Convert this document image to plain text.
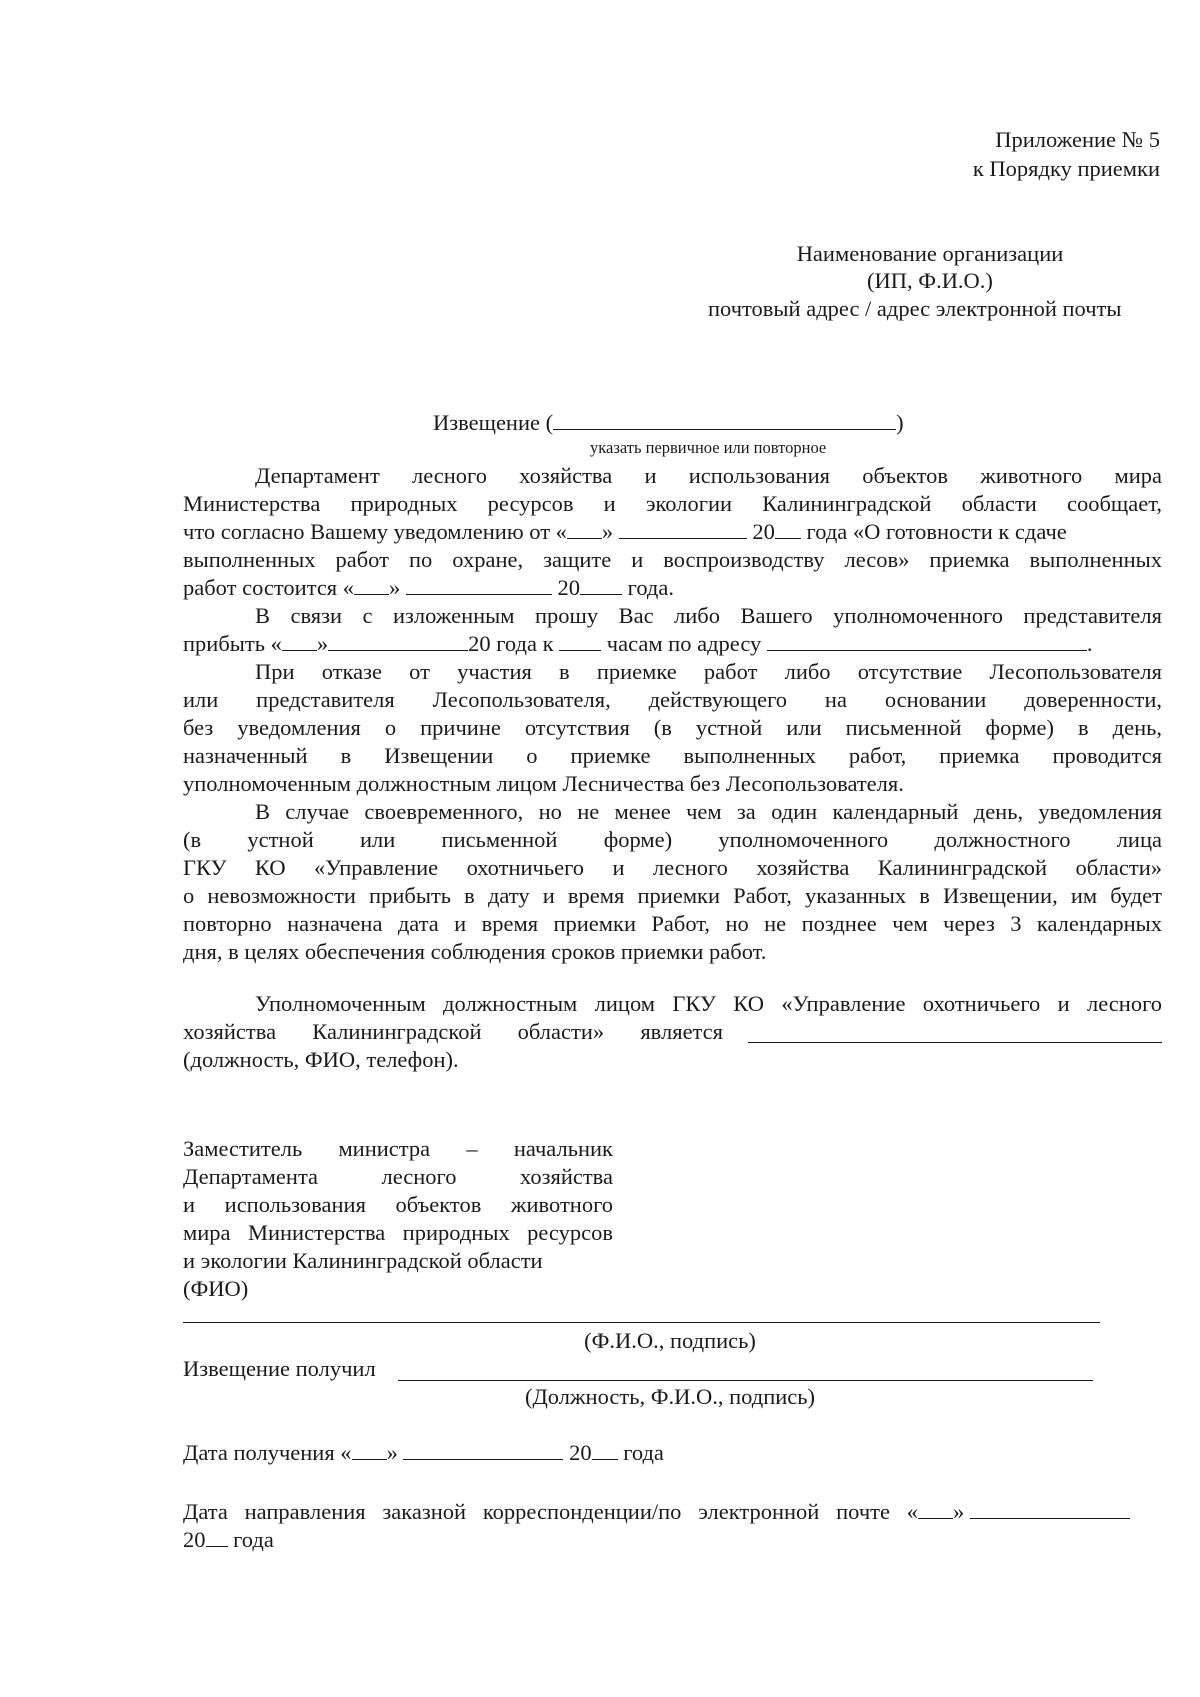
Приложение № 5
к Порядку приемки
Наименование организации
(ИП, Ф.И.О.)
почтовый адрес / адрес электронной почты
Извещение (	)
указать первичное или повторное
Департамент лесного хозяйства и использования объектов животного мира
Министерства природных ресурсов и экологии Калининградской области сообщает,
что согласно Вашему уведомлению от « »	20 года «О готовности к сдаче
выполненных работ по охране, защите и воспроизводству лесов» приемка выполненных
работ состоится « »	20 года.
В связи с изложенным прошу Вас либо Вашего уполномоченного представителя
прибыть « »	20 года к часам по адресу	.
При отказе от участия в приемке работ либо отсутствие Лесопользователя
или представителя Лесопользователя, действующего на основании доверенности,
без уведомления о причине отсутствия (в устной или письменной форме) в день,
назначенный в Извещении о приемке выполненных работ, приемка проводится
уполномоченным должностным лицом Лесничества без Лесопользователя.
В случае своевременного, но не менее чем за один календарный день, уведомления
(в устной или письменной форме) уполномоченного должностного лица
ГКУ КО «Управление охотничьего и лесного хозяйства Калининградской области»
о невозможности прибыть в дату и время приемки Работ, указанных в Извещении, им будет
повторно назначена дата и время приемки Работ, но не позднее чем через 3 календарных
дня, в целях обеспечения соблюдения сроков приемки работ.
Уполномоченным должностным лицом ГКУ КО «Управление охотничьего и лесного
хозяйства Калининградской области» является
(должность, ФИО, телефон).
Заместитель министра – начальник
Департамента лесного хозяйства
и использования объектов животного
мира Министерства природных ресурсов
и экологии Калининградской области
(ФИО)
(Ф.И.О., подпись)
Извещение получил
(Должность, Ф.И.О., подпись)
Дата получения « »	20 года
Дата направления заказной корреспонденции/по электронной почте « »
20 года
